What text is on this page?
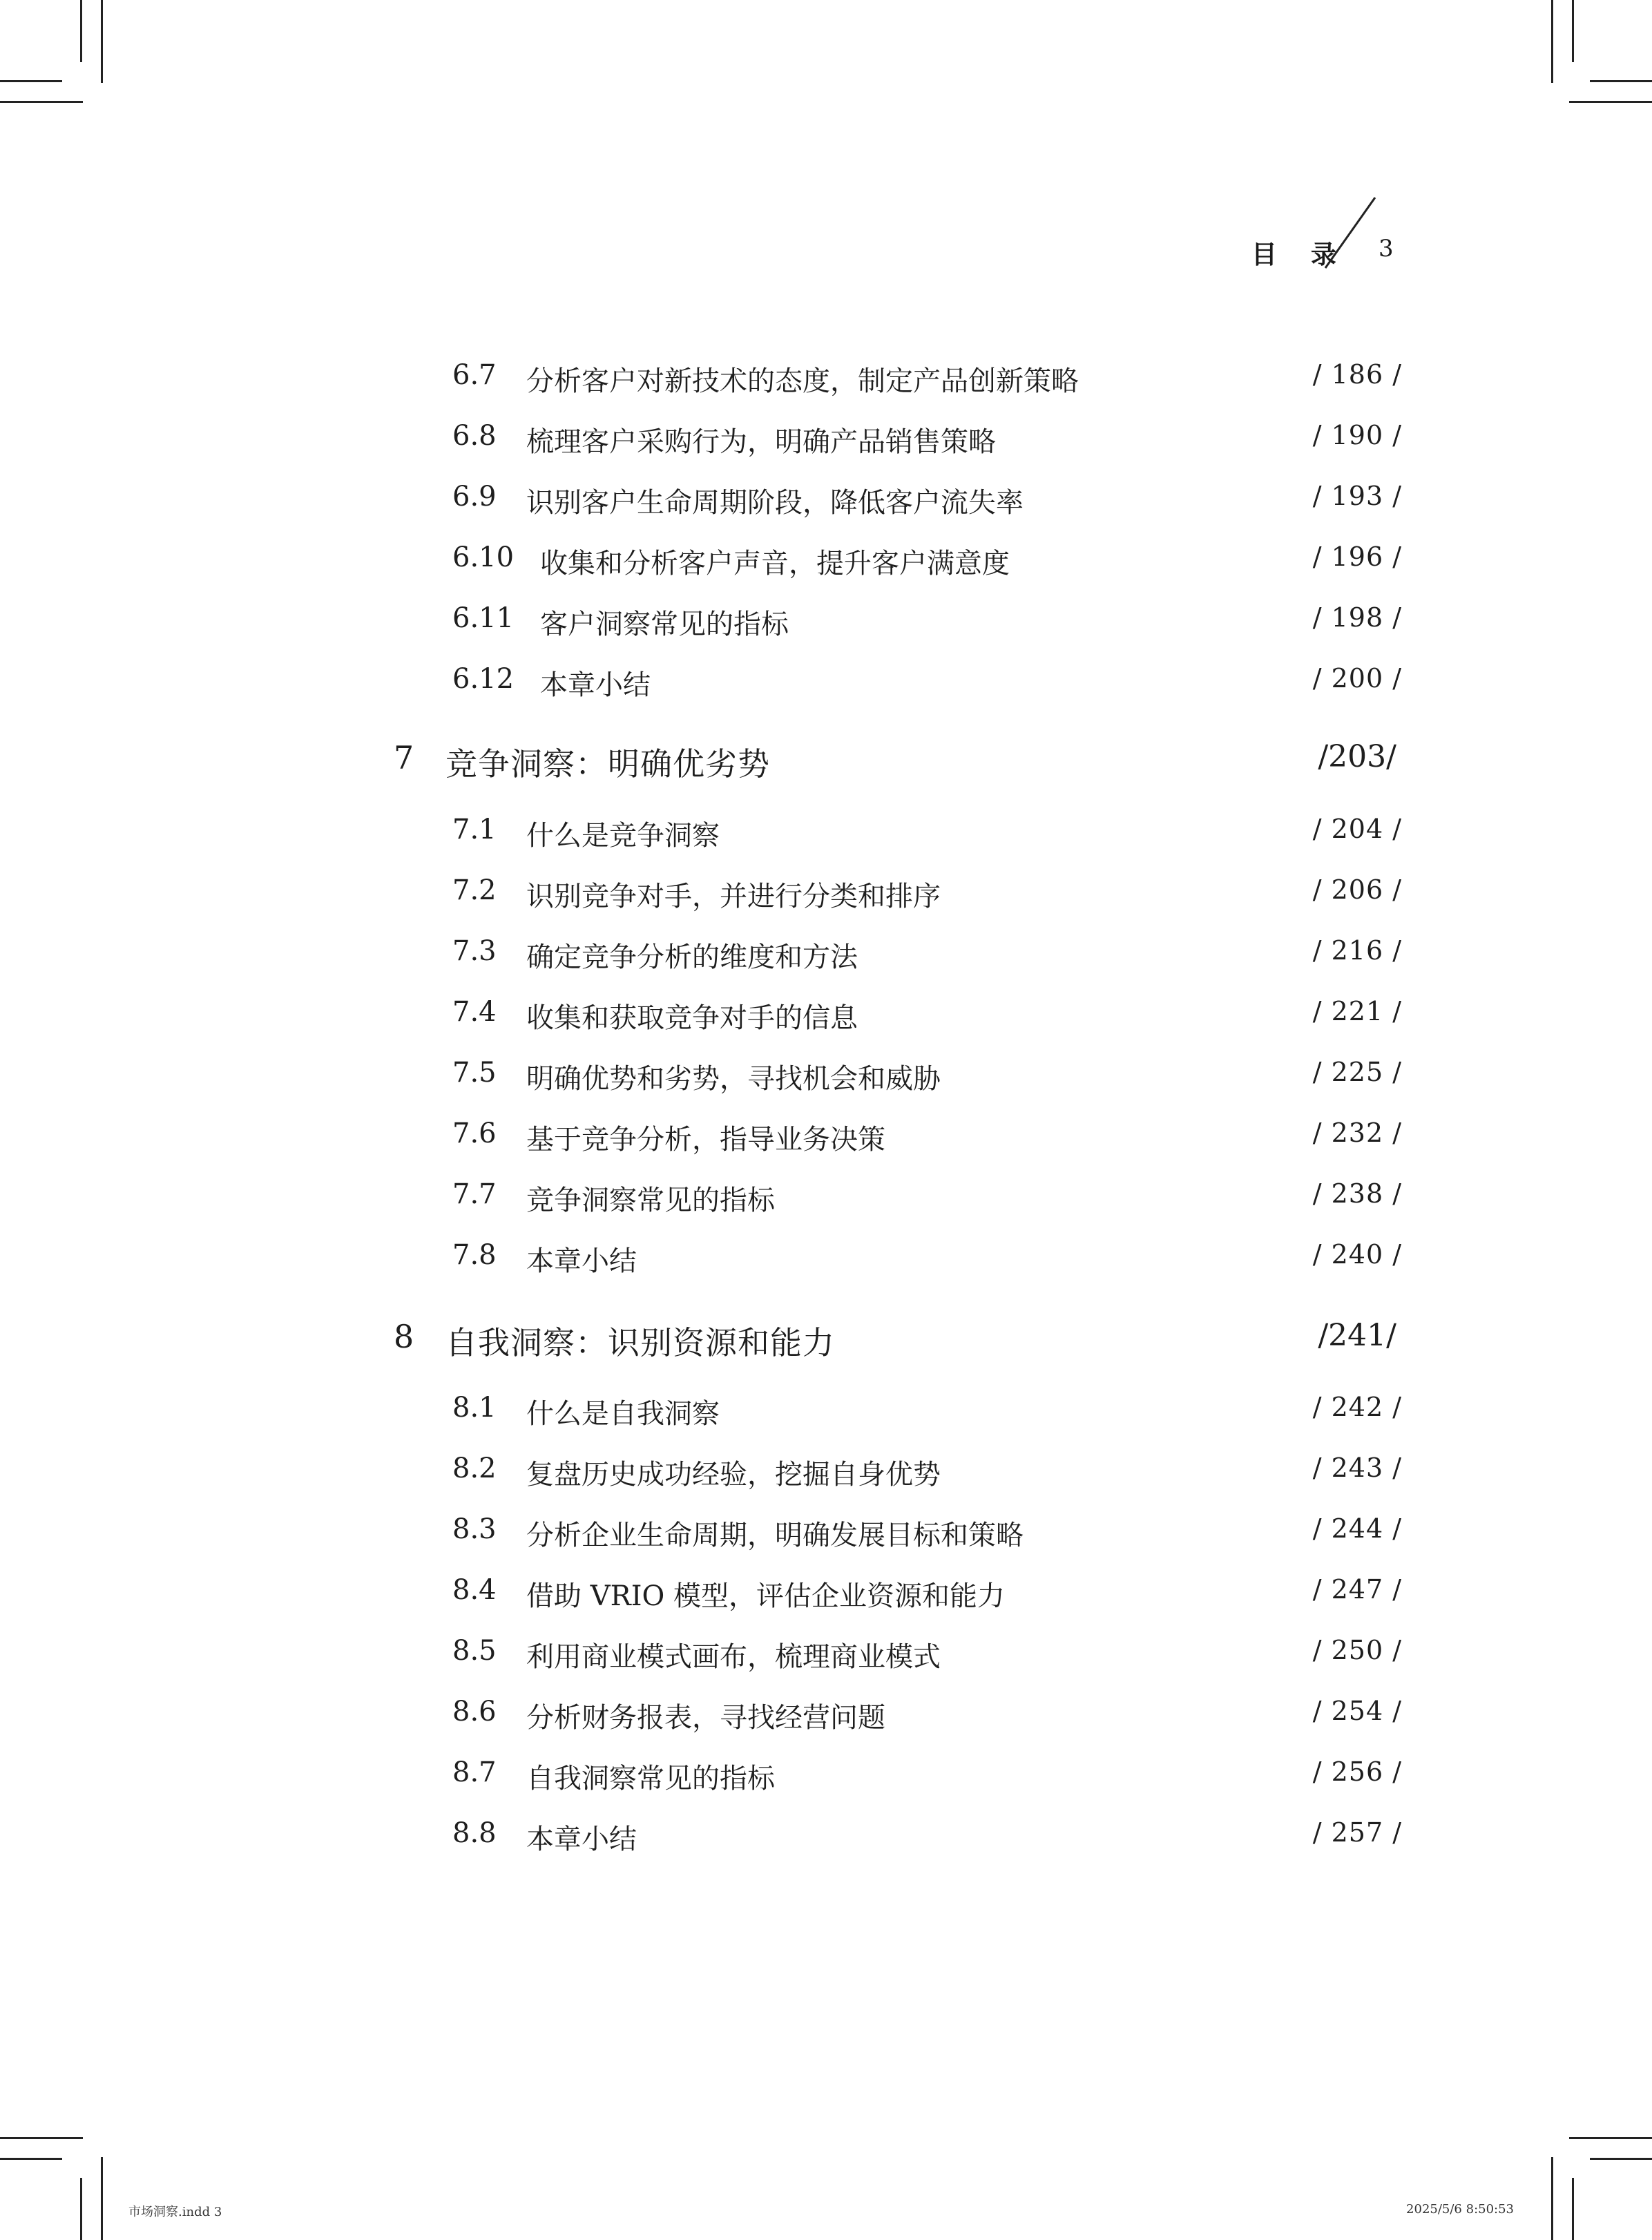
目 录 3
6.7 分析客户对新技术的态度，制定产品创新策略	/ 186 /
6.8 梳理客户采购行为，明确产品销售策略	/ 190 /
6.9 识别客户生命周期阶段，降低客户流失率	/ 193 /
6.10 收集和分析客户声音，提升客户满意度	/ 196 /
6.11 客户洞察常见的指标	/ 198 /
6.12 本章小结	/ 200 /
7 竞争洞察：明确优劣势	/203/
7.1 什么是竞争洞察	/ 204 /
7.2 识别竞争对手，并进行分类和排序	/ 206 /
7.3 确定竞争分析的维度和方法	/ 216 /
7.4 收集和获取竞争对手的信息	/ 221 /
7.5 明确优势和劣势，寻找机会和威胁	/ 225 /
7.6 基于竞争分析，指导业务决策	/ 232 /
7.7 竞争洞察常见的指标	/ 238 /
7.8 本章小结	/ 240 /
8 自我洞察：识别资源和能力	/241/
8.1 什么是自我洞察	/ 242 /
8.2 复盘历史成功经验，挖掘自身优势	/ 243 /
8.3 分析企业生命周期，明确发展目标和策略	/ 244 /
8.4 借助 VRIO 模型，评估企业资源和能力	/ 247 /
8.5 利用商业模式画布，梳理商业模式	/ 250 /
8.6 分析财务报表，寻找经营问题	/ 254 /
8.7 自我洞察常见的指标	/ 256 /
8.8 本章小结	/ 257 /
市场洞察.indd 3	2025/5/6 8:50:53
